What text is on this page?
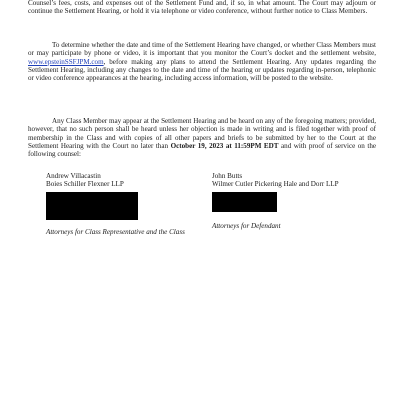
Counsel’s fees, costs, and expenses out of the Settlement Fund and, if so, in what amount. The Court may adjourn or continue the Settlement Hearing, or hold it via telephone or video conference, without further notice to Class Members.

To determine whether the date and time of the Settlement Hearing have changed, or whether Class Members must or may participate by phone or video, it is important that you monitor the Court’s docket and the settlement website, www.epsteinSSFJPM.com, before making any plans to attend the Settlement Hearing. Any updates regarding the Settlement Hearing, including any changes to the date and time of the hearing or updates regarding in-person, telephonic or video conference appearances at the hearing, including access information, will be posted to the website.

Any Class Member may appear at the Settlement Hearing and be heard on any of the foregoing matters; provided, however, that no such person shall be heard unless her objection is made in writing and is filed together with proof of membership in the Class and with copies of all other papers and briefs to be submitted by her to the Court at the Settlement Hearing with the Court no later than October 19, 2023 at 11:59PM EDT and with proof of service on the following counsel:

Andrew Villacastin
Boies Schiller Flexner LLP
Attorneys for Class Representative and the Class
John Butts
Wilmer Cutler Pickering Hale and Dorr LLP
Attorneys for Defendant
